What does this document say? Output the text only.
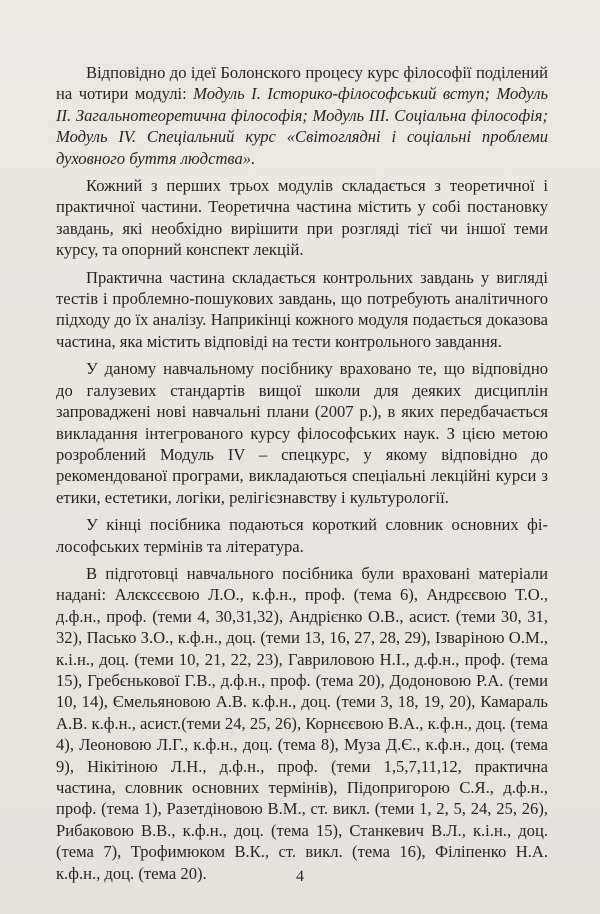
Відповідно до ідеї Болонского процесу курс філософії поділений на чотири модулі: Модуль І. Історико-філософський вступ; Модуль ІІ. Загальнотеоретична філософія; Модуль ІІІ. Соціальна філософія; Модуль IV. Спеціальний курс «Світоглядні і соціальні проблеми духовного буття людства».

Кожний з перших трьох модулів складається з теоретичної і практичної частини. Теоретична частина містить у собі постановку завдань, які необхідно вирішити при розгляді тієї чи іншої теми курсу, та опорний конспект лекцій.

Практична частина складається контрольних завдань у вигляді тестів і проблемно-пошукових завдань, що потребують аналітичного підходу до їх аналізу. Наприкінці кожного модуля подається доказова частина, яка містить відповіді на тести контрольного завдання.

У даному навчальному посібнику враховано те, що відповідно до галузевих стандартів вищої школи для деяких дисциплін запроваджені нові навчальні плани (2007 р.), в яких передбачається викладання інтегрованого курсу філософських наук. З цією метою розроблений Модуль IV – спецкурс, у якому відповідно до рекомендованої програми, викладаються спеціальні лекційні курси з етики, естетики, логіки, релігієзнавству і культурології.

У кінці посібника подаються короткий словник основних філософських термінів та література.

В підготовці навчального посібника були враховані матеріали надані: Алєксєєвою Л.О., к.ф.н., проф. (тема 6), Андрєєвою Т.О., д.ф.н., проф. (теми 4, 30,31,32), Андрієнко О.В., асист. (теми 30, 31, 32), Пасько З.О., к.ф.н., доц. (теми 13, 16, 27, 28, 29), Ізваріною О.М., к.і.н., доц. (теми 10, 21, 22, 23), Гавриловою Н.І., д.ф.н., проф. (тема 15), Гребєнькової Г.В., д.ф.н., проф. (тема 20), Додоновою Р.А. (теми 10, 14), Ємельяновою А.В. к.ф.н., доц. (теми 3, 18, 19, 20), Камараль А.В. к.ф.н., асист.(теми 24, 25, 26), Корнєєвою В.А., к.ф.н., доц. (тема 4), Леоновою Л.Г., к.ф.н., доц. (тема 8), Муза Д.Є., к.ф.н., доц. (тема 9), Нікітіною Л.Н., д.ф.н., проф. (теми 1,5,7,11,12, практична частина, словник основних термінів), Підопригорою С.Я., д.ф.н., проф. (тема 1), Разетдіновою В.М., ст. викл. (теми 1, 2, 5, 24, 25, 26), Рибаковою В.В., к.ф.н., доц. (тема 15), Станкевич В.Л., к.і.н., доц. (тема 7), Трофимюком В.К., ст. викл. (тема 16), Філіпенко Н.А. к.ф.н., доц. (тема 20).	4
